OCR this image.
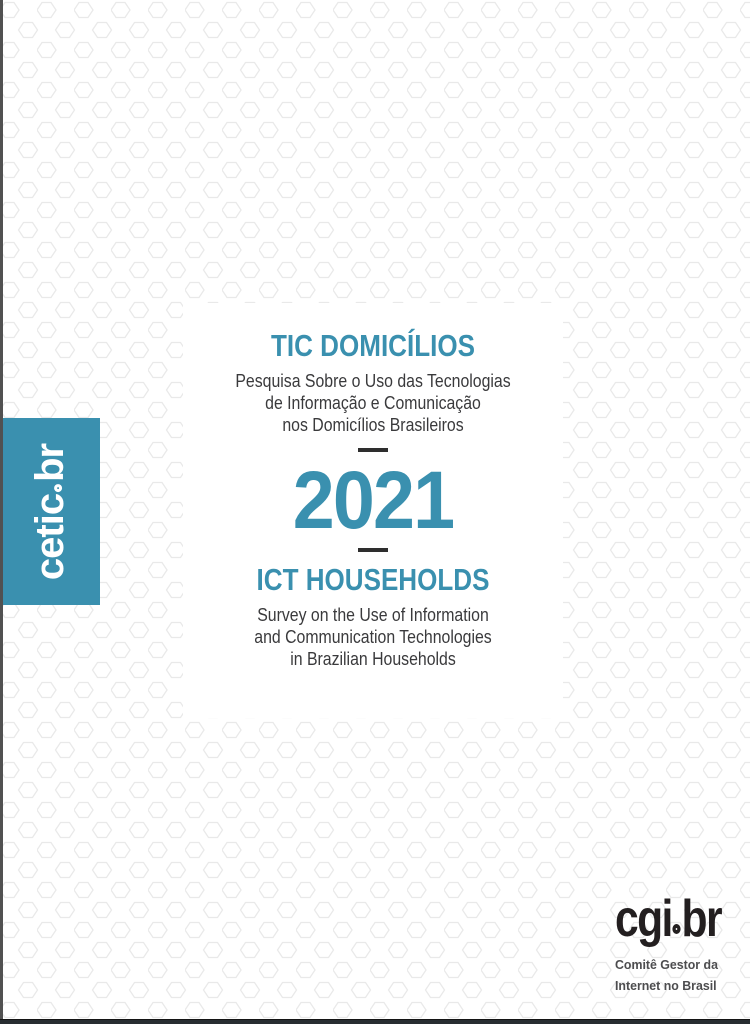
cetic
br
TIC DOMICÍLIOS
Pesquisa Sobre o Uso das Tecnologias
de Informação e Comunicação
nos Domicílios Brasileiros
2021
ICT HOUSEHOLDS
Survey on the Use of Information
and Communication Technologies
in Brazilian Households
cgi br
Comitê Gestor da
Internet no Brasil
